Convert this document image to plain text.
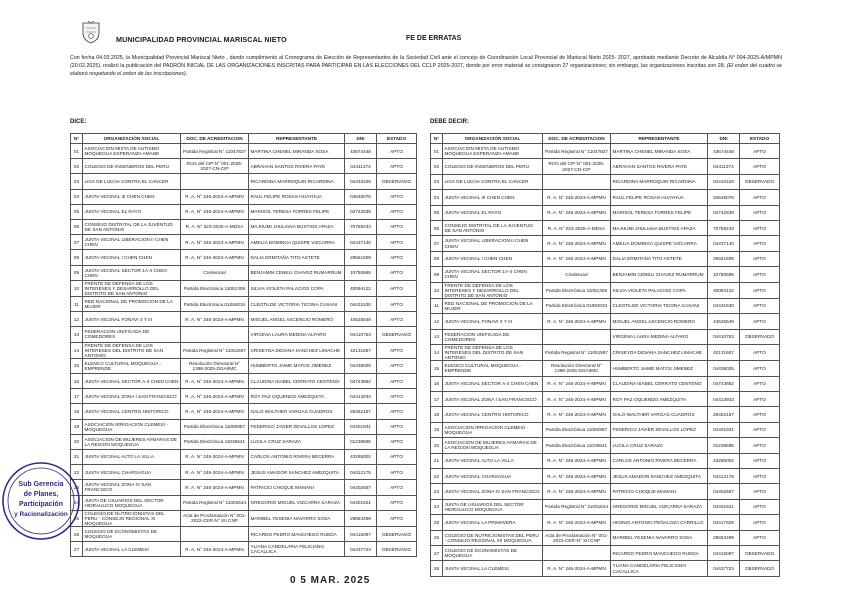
MUNICIPALIDAD PROVINCIAL MARISCAL NIETO	FE DE ERRATAS
Con fecha 04.03.2025, la Municipalidad Provincial Mariscal Nieto , dando cumplimiento al Cronograma de Elección de Representantes de la Sociedad Civil ante el concejo de Coordinación Local Provincial de Mariscal Nieto 2025- 2027, aprobado mediante Decreto de Alcaldía N° 004-2025-A/MPMN (20.02.2025), realizó la publicación del PADRÓN INICIAL DE LAS ORGANIZACIONES INSCRITAS PARA PARTICIPAR EN LAS ELECCIONES DEL CCLP 2025-2027, donde por error material se consignaron 27 organizaciones; sin embargo, las organizaciones inscritas son 28. (El orden del cuadro se elaboró respetando el orden de las inscripciones).
DICE:	DEBE DECIR:
N°	ORGANIZACIÓN SOCIAL	DOC. DE ACREDITACION	REPRESENTANTE	DNI	ESTADO
01	ASOCIACION MIXTA DE AUTISMO MOQUEGUA ESPERANZA AMANE	Partida Registral N° 11047827	MARTINA CHENEL MIRANDA SOSA	43674448	APTO
02	COLEGIO DE INGENIEROS DEL PERU	RCN del CIP N° 001-2025-2027-CN-CIP	ABRAHAN SANTOS RIVERA PAYE	04411374	APTO
03	LIGA DE LUCHA CONTRA EL CANCER		RICARDINA MARROQUIN RICARDINA	04432429	OBSERVADO
04	JUNTA VECINAL III CHEN CHEN	R. A. N° 246-2024-A-MPMN	RAUL FELIPE ROSAS HUAYHUA	04645076	APTO
05	JUNTA VECINAL EL RAYO	R. A. N° 246-2024-A-MPMN	MARISOL TERESA TORRES FELIPE	04742839	APTO
06	CONSEJO DISTRITAL DE LA JUVENTUD DE SAN ANTONIO	R. A. N° 023-2025-A-MDSA	MAJHUMI JHULIANA BUSTIOS APAZA	70768433	APTO
07	JUNTA VECINAL LIBERACION II CHEN CHEN	R. A. N° 246-2024-A-MPMN	AMELIA DOMINGA QUISPE VIZCARRA	04437140	APTO
08	JUNTA VECINAL I CHEN CHEN	R. A. N° 246-2024-A-MPMN	DALIA ERMITAÑA TITO ASTETE	29561609	APTO
09	JUNTA VECINAL SECTOR 1A-4 CHEN CHEN	Credencial	BENJAMIN CENELI CHAVEZ RUMARRUM	10750695	APTO
10	FRENTE DE DEFENSA DE LOS INTERESES Y DESARROLLO DEL DISTRITO DE SAN ANTONIO	Partida Electrónica 11051306	SILVIA VIOLETA PALACIOS COPA	40094122	APTO
11	RED NACIONAL DE PROMOCION DE LA MUJER	Partida Electrónica 01084034	CLEOTILDE VICTORIA TICONA CASANI	04431530	APTO
12	JUNTA VECINAL FONAVI 3 Y III	R. A. N° 246-2024-A-MPMN	MIGUEL ANGEL ASCENCIO ROMERO	44525549	APTO
13	FEDERACION UNIFICADA DE COMEDORES		VIRGINIA LAURA MEDINA ALFARO	04410753	OBSERVADO
14	FRENTE DE DEFENSA DE LOS INTERESES DEL DISTRITO DE SAN ANTONIO	Partida Registral N° 11051597	CRISEYDA DIDIANA SANCHEZ LIMACHE	42131657	APTO
15	ELENCO CULTURAL MOQUEGUA - EMPRENDE	Resolución Directoral N° 1398-2025-DGAIIMC	HUMBERTO JAIME MATOS JIMENEZ	04438025	APTO
16	JUNTA VECINAL SECTOR A-3 CHEN CHEN	R. A. N° 246-2024-A-MPMN	CLAUDINA ISABEL CERRATO CENTENO	04743862	APTO
17	JUNTA VECINAL ZONA I SAN FRANCISCO	R. A. N° 246-2024-A-MPMN	ROY PAZ OQUENDO AMEZQUITA	04413933	APTO
18	JUNTA VECINAL CENTRO HISTORICO	R. A. N° 246-2024-A-MPMN	GALO WALTHER VARGAS CUADROS	29452157	APTO
19	ASOCIACION IRRIGACION CLEMESI - MOQUEGUA	Partida Electrónica 11050957	FEDERICO JAVIER ZEVALLOS LOPEZ	04401931	APTO
20	ASOCIACION DE MUJERES AYMARAS DE LA REGION MOQUEGUA	Partida Electrónica 11036641	LUCILA CRUZ SARAZA	01239595	APTO
21	JUNTA VECINAL ALTO LA VILLA	R. A. N° 246-2024-A-MPMN	CARLOS ANTONIO RIVERA BECERRA	43295002	APTO
22	JUNTA VECINAL CHARSAGUA	R. A. N° 246-2024-A-MPMN	JESUS AMADOR SANCHEZ AMEZQUITA	04412175	APTO
23	JUNTA VECINAL ZONA IV SAN FRANCISCO	R. A. N° 246-2024-A-MPMN	PATRICIO CHOQUE MAMANI	04402657	APTO
24	JUNTA DE USUARIOS DEL SECTOR HIDRAULICO MOQUEGUA	Partida Registral N° 11001644	GREGORIO MIGUEL VIZCARRA SARAZA	04401621	APTO
25	COLEGIO DE NUTRICIONISTAS DEL PERU - CONSEJO REGIONAL XI MOQUEGUA	Acta de Proclamación N° 001-2022-CER-N° XII CNP	MARIBEL YESENIA NAVARRO SOSA	29653499	APTO
26	COLEGIO DE ECONOMISTAS DE MOQUEGUA		RICARDO PEDRO MANCHEGO RUEDA	04416087	OBSERVADO
27	JUNTA VECINAL LA CLEMESI	R. A. N° 246-2024-A-MPMN	YLIANA CANDELARIA FELICIANO CACALLICA	04437723	OBSERVADO
N°	ORGANIZACIÓN SOCIAL	DOC. DE ACREDITACION	REPRESENTANTE	DNI	ESTADO
01	ASOCIACION MIXTA DE AUTISMO MOQUEGUA ESPERANZA AMANE	Partida Registral N° 11047827	MARTINA CHENEL MIRANDA SOSA	43674448	APTO
02	COLEGIO DE INGENIEROS DEL PERU	RCN del CIP N° 001-2025-2027-CN-CIP	ABRAHAN SANTOS RIVERA PAYE	04411374	APTO
03	LIGA DE LUCHA CONTRA EL CANCER		RICARDINA MARROQUIN RICARDINA	04432429	OBSERVADO
04	JUNTA VECINAL III CHEN CHEN	R. A. N° 246-2024-A-MPMN	RAUL FELIPE ROSAS HUAYHUA	04645076	APTO
05	JUNTA VECINAL EL RAYO	R. A. N° 246-2024-A-MPMN	MARISOL TERESA TORRES FELIPE	04742839	APTO
06	CONSEJO DISTRITAL DE LA JUVENTUD DE SAN ANTONIO	R. A. N° 023-2025-A-MDSA	MAJHUMI JHULIANA BUSTIOS APAZA	70768433	APTO
07	JUNTA VECINAL LIBERACION II CHEN CHEN	R. A. N° 246-2024-A-MPMN	AMELIA DOMINGA QUISPE VIZCARRA	04437140	APTO
08	JUNTA VECINAL I CHEN CHEN	R. A. N° 246-2024-A-MPMN	DALIA ERMITAÑA TITO ASTETE	29561609	APTO
09	JUNTA VECINAL SECTOR 1A-4 CHEN CHEN	Credencial	BENJAMIN CENELI CHAVEZ RUMARRUM	10750695	APTO
10	FRENTE DE DEFENSA DE LOS INTERESES Y DESARROLLO DEL DISTRITO DE SAN ANTONIO	Partida Electrónica 11051306	SILVIA VIOLETA PALACIOS COPA	40094122	APTO
11	RED NACIONAL DE PROMOCION DE LA MUJER	Partida Electrónica 01084034	CLEOTILDE VICTORIA TICONA CASANI	04431530	APTO
12	JUNTA VECINAL FONAVI 3 Y III	R. A. N° 246-2024-A-MPMN	MIGUEL ANGEL ASCENCIO ROMERO	44525549	APTO
13	FEDERACION UNIFICADA DE COMEDORES		VIRGINIA LAURA MEDINA ALFARO	04410753	OBSERVADO
14	FRENTE DE DEFENSA DE LOS INTERESES DEL DISTRITO DE SAN ANTONIO	Partida Registral N° 11051597	CRISEYDA DIDIANA SANCHEZ LIMACHE	42131657	APTO
15	ELENCO CULTURAL MOQUEGUA - EMPRENDE	Resolución Directoral N° 1398-2025-DGAIIMC	HUMBERTO JAIME MATOS JIMENEZ	04438025	APTO
16	JUNTA VECINAL SECTOR A-3 CHEN CHEN	R. A. N° 246-2024-A-MPMN	CLAUDINA ISABEL CERRATO CENTENO	04743862	APTO
17	JUNTA VECINAL ZONA I SAN FRANCISCO	R. A. N° 246-2024-A-MPMN	ROY PAZ OQUENDO AMEZQUITA	04413933	APTO
18	JUNTA VECINAL CENTRO HISTORICO	R. A. N° 246-2024-A-MPMN	GALO WALTHER VARGAS CUADROS	29452157	APTO
19	ASOCIACION IRRIGACION CLEMESI - MOQUEGUA	Partida Electrónica 11050957	FEDERICO JAVIER ZEVALLOS LOPEZ	04401931	APTO
20	ASOCIACION DE MUJERES AYMARAS DE LA REGION MOQUEGUA	Partida Electrónica 11036641	LUCILA CRUZ SARAZA	01239595	APTO
21	JUNTA VECINAL ALTO LA VILLA	R. A. N° 246-2024-A-MPMN	CARLOS ANTONIO RIVERA BECERRA	43295002	APTO
22	JUNTA VECINAL CHARSAGUA	R. A. N° 246-2024-A-MPMN	JESUS AMADOR SANCHEZ AMEZQUITA	04412175	APTO
23	JUNTA VECINAL ZONA IV SAN FRANCISCO	R. A. N° 246-2024-A-MPMN	PATRICIO CHOQUE MAMANI	04402657	APTO
24	JUNTA DE USUARIOS DEL SECTOR HIDRAULICO MOQUEGUA	Partida Registral N° 11001644	GREGORIO MIGUEL VIZCARRA SARAZA	04401621	APTO
25	JUNTA VECINAL LA PRIMAVERA	R. A. N° 246-2024-A-MPMN	HIGINIO ANTONIO PEÑALOZA CARRILLO	04417929	APTO
26	COLEGIO DE NUTRICIONISTAS DEL PERU - CONSEJO REGIONAL XII MOQUEGUA	Acta de Proclamación N° 001-2022-CER-N° XII CNP	MARIBEL YESENIA NAVARRO SOSA	29653499	APTO
27	COLEGIO DE ECONOMISTAS DE MOQUEGUA		RICARDO PEDRO MANCHEGO RUEDA	04416087	OBSERVADO
28	JUNTA VECINAL LA CLEMESI	R. A. N° 246-2024-A-MPMN	YLIANA CANDELARIA FELICIANO CACALLICA	04437723	OBSERVADO
Sub Gerencia
de Planes,
Participación
y Racionalización
0 5 MAR. 2025
